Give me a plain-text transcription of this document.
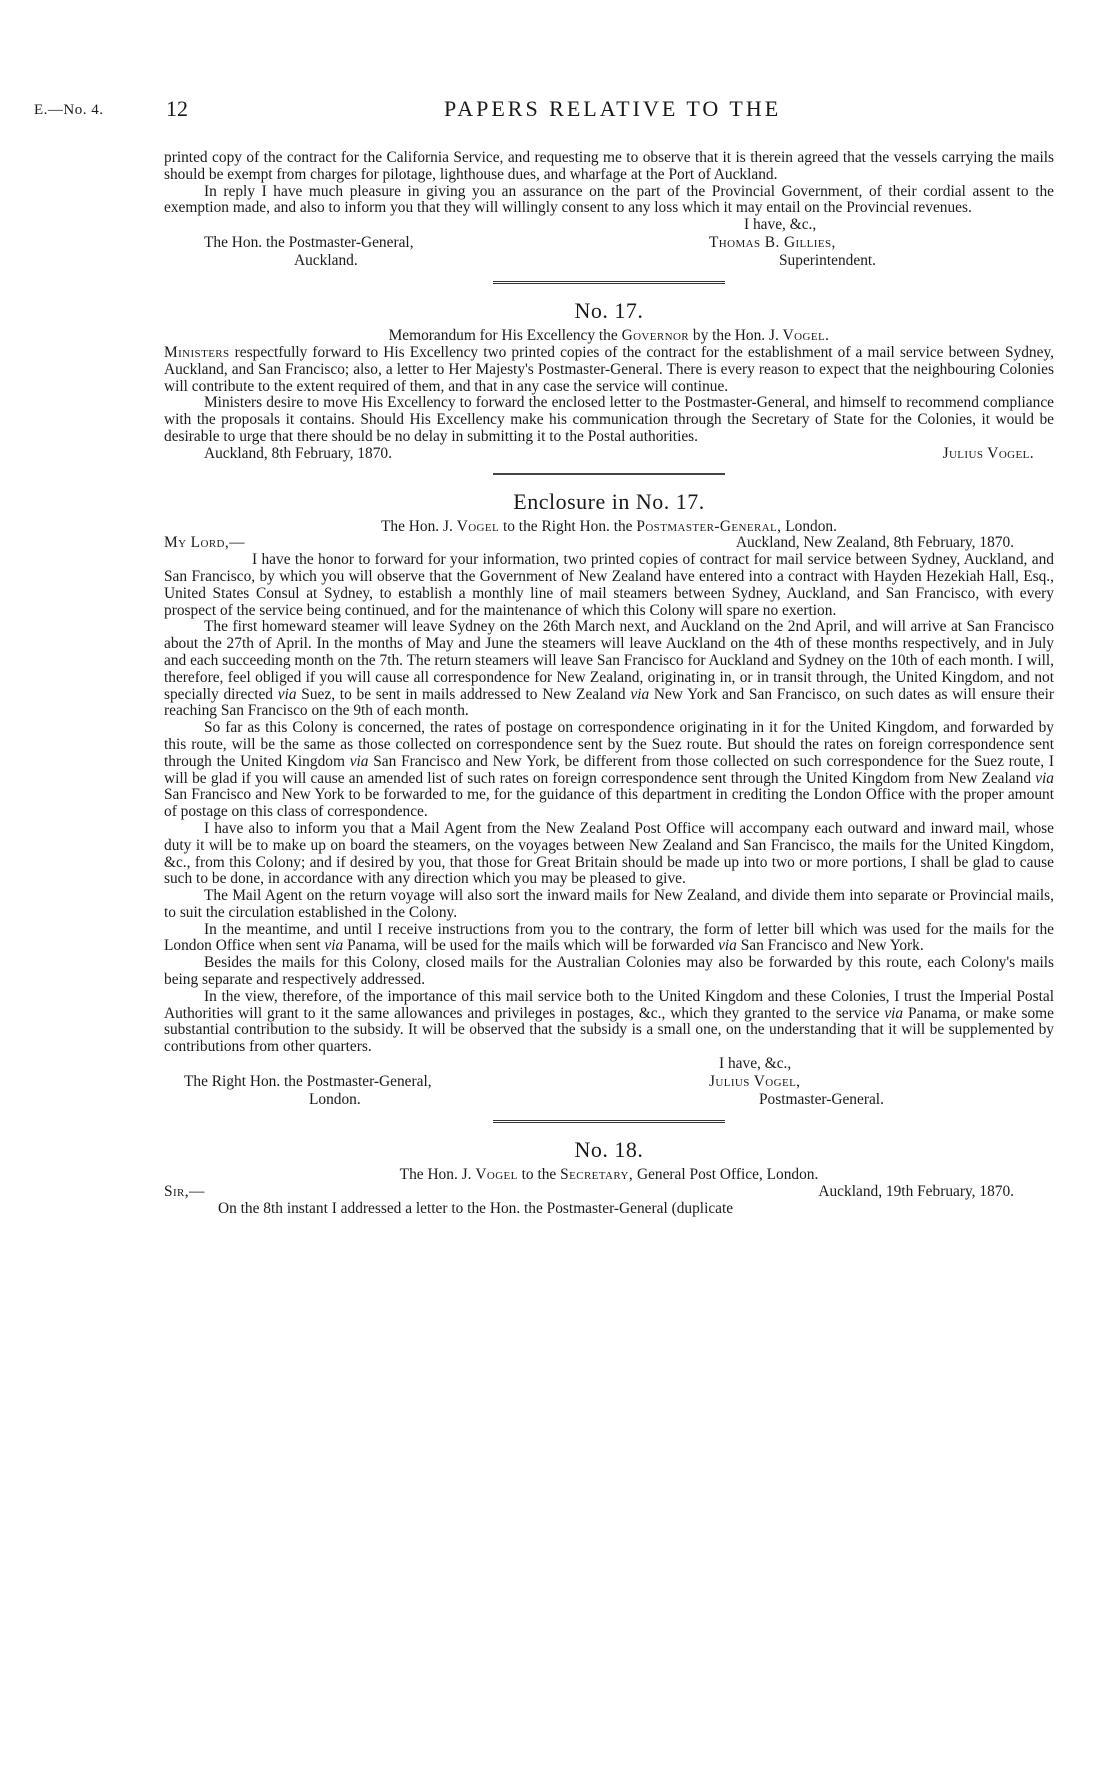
E.—No. 4.	12	PAPERS RELATIVE TO THE

printed copy of the contract for the California Service, and requesting me to observe that it is therein agreed that the vessels carrying the mails should be exempt from charges for pilotage, lighthouse dues, and wharfage at the Port of Auckland.

In reply I have much pleasure in giving you an assurance on the part of the Provincial Government, of their cordial assent to the exemption made, and also to inform you that they will willingly consent to any loss which it may entail on the Provincial revenues.

I have, &c.,
The Hon. the Postmaster-General,
Auckland.
Thomas B. Gillies,
Superintendent.
No. 17.

Memorandum for His Excellency the Governor by the Hon. J. Vogel.

Ministers respectfully forward to His Excellency two printed copies of the contract for the establishment of a mail service between Sydney, Auckland, and San Francisco; also, a letter to Her Majesty's Postmaster-General. There is every reason to expect that the neighbouring Colonies will contribute to the extent required of them, and that in any case the service will continue.

Ministers desire to move His Excellency to forward the enclosed letter to the Postmaster-General, and himself to recommend compliance with the proposals it contains. Should His Excellency make his communication through the Secretary of State for the Colonies, it would be desirable to urge that there should be no delay in submitting it to the Postal authorities.

Auckland, 8th February, 1870.	Julius Vogel.

Enclosure in No. 17.

The Hon. J. Vogel to the Right Hon. the Postmaster-General, London.

My Lord,—	Auckland, New Zealand, 8th February, 1870.

I have the honor to forward for your information, two printed copies of contract for mail service between Sydney, Auckland, and San Francisco, by which you will observe that the Government of New Zealand have entered into a contract with Hayden Hezekiah Hall, Esq., United States Consul at Sydney, to establish a monthly line of mail steamers between Sydney, Auckland, and San Francisco, with every prospect of the service being continued, and for the maintenance of which this Colony will spare no exertion.

The first homeward steamer will leave Sydney on the 26th March next, and Auckland on the 2nd April, and will arrive at San Francisco about the 27th of April. In the months of May and June the steamers will leave Auckland on the 4th of these months respectively, and in July and each succeeding month on the 7th. The return steamers will leave San Francisco for Auckland and Sydney on the 10th of each month. I will, therefore, feel obliged if you will cause all correspondence for New Zealand, originating in, or in transit through, the United Kingdom, and not specially directed via Suez, to be sent in mails addressed to New Zealand via New York and San Francisco, on such dates as will ensure their reaching San Francisco on the 9th of each month.

So far as this Colony is concerned, the rates of postage on correspondence originating in it for the United Kingdom, and forwarded by this route, will be the same as those collected on correspondence sent by the Suez route. But should the rates on foreign correspondence sent through the United Kingdom via San Francisco and New York, be different from those collected on such correspondence for the Suez route, I will be glad if you will cause an amended list of such rates on foreign correspondence sent through the United Kingdom from New Zealand via San Francisco and New York to be forwarded to me, for the guidance of this department in crediting the London Office with the proper amount of postage on this class of correspondence.

I have also to inform you that a Mail Agent from the New Zealand Post Office will accompany each outward and inward mail, whose duty it will be to make up on board the steamers, on the voyages between New Zealand and San Francisco, the mails for the United Kingdom, &c., from this Colony; and if desired by you, that those for Great Britain should be made up into two or more portions, I shall be glad to cause such to be done, in accordance with any direction which you may be pleased to give.

The Mail Agent on the return voyage will also sort the inward mails for New Zealand, and divide them into separate or Provincial mails, to suit the circulation established in the Colony.

In the meantime, and until I receive instructions from you to the contrary, the form of letter bill which was used for the mails for the London Office when sent via Panama, will be used for the mails which will be forwarded via San Francisco and New York.

Besides the mails for this Colony, closed mails for the Australian Colonies may also be forwarded by this route, each Colony's mails being separate and respectively addressed.

In the view, therefore, of the importance of this mail service both to the United Kingdom and these Colonies, I trust the Imperial Postal Authorities will grant to it the same allowances and privileges in postages, &c., which they granted to the service via Panama, or make some substantial contribution to the subsidy. It will be observed that the subsidy is a small one, on the understanding that it will be supplemented by contributions from other quarters.

I have, &c.,
The Right Hon. the Postmaster-General,
London.
Julius Vogel,
Postmaster-General.
No. 18.

The Hon. J. Vogel to the Secretary, General Post Office, London.

Sir,—	Auckland, 19th February, 1870.

On the 8th instant I addressed a letter to the Hon. the Postmaster-General (duplicate
